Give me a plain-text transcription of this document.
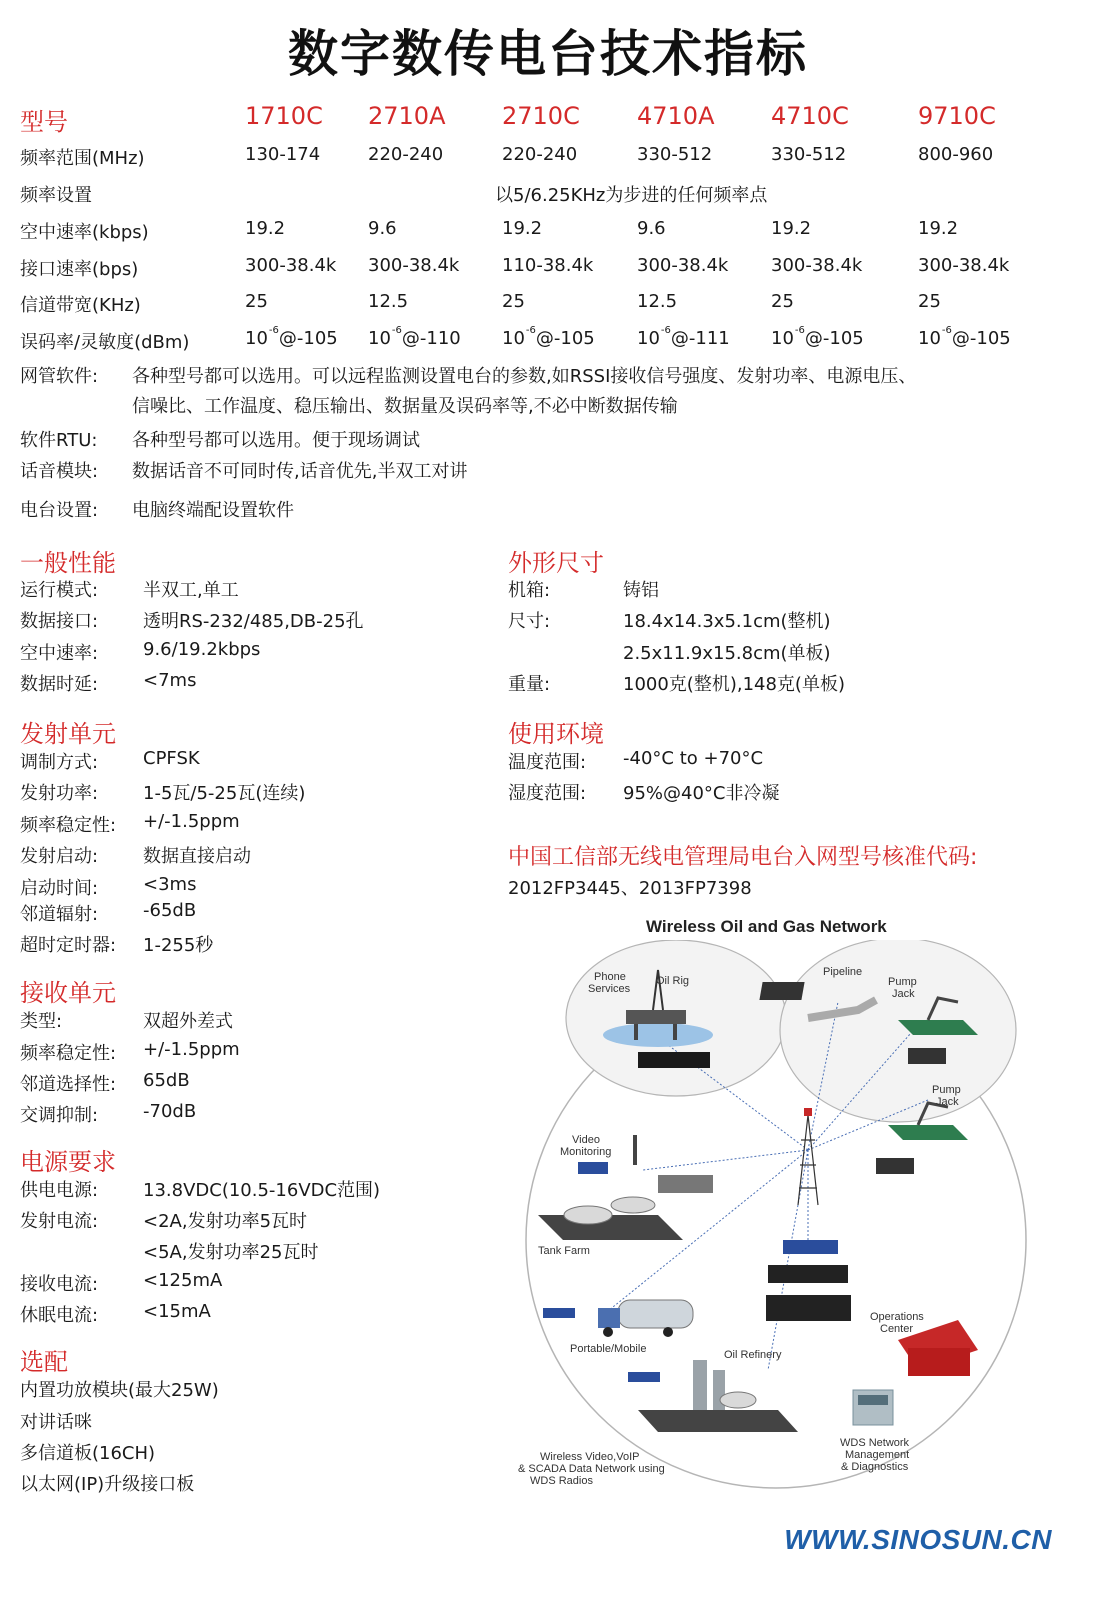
数字数传电台技术指标
型号	1710C 2710A 2710C 4710A 4710C	9710C
频率范围(MHz)	130-174	220-240	220-240	330-512	330-512	800-960
频率设置	以5/6.25KHz为步进的任何频率点
空中速率(kbps)	19.2	9.6	19.2	9.6	19.2	19.2
接口速率(bps)	300-38.4k 300-38.4k 110-38.4k 300-38.4k 300-38.4k	300-38.4k
信道带宽(KHz)	25	12.5	25	12.5	25	25
误码率/灵敏度(dBm)	$10^{-6}@-105$ $10^{-6}@-110$ $10^{-6}@-105$ $10^{-6}@-111$ $10^{-6}@-105$	$10^{-6}@-105$
网管软件: 各种型号都可以选用。可以远程监测设置电台的参数,如RSSI接收信号强度、发射功率、电源电压、
信噪比、工作温度、稳压输出、数据量及误码率等,不必中断数据传输
软件RTU: 各种型号都可以选用。便于现场调试
话音模块: 数据话音不可同时传,话音优先,半双工对讲
电台设置: 电脑终端配设置软件
一般性能
运行模式: 半双工,单工
数据接口: 透明RS-232/485,DB-25孔
空中速率: 9.6/19.2kbps
数据时延: <7ms
发射单元
调制方式: CPFSK
发射功率: 1-5瓦/5-25瓦(连续)
频率稳定性: +/-1.5ppm
发射启动: 数据直接启动
启动时间: <3ms
邻道辐射: -65dB
超时定时器: 1-255秒
接收单元
类型:	双超外差式
频率稳定性: +/-1.5ppm
邻道选择性: 65dB
交调抑制: -70dB
电源要求
供电电源: 13.8VDC(10.5-16VDC范围)
发射电流: <2A,发射功率5瓦时
<5A,发射功率25瓦时
接收电流: <125mA
休眠电流: <15mA
选配
内置功放模块(最大25W)
对讲话咪
多信道板(16CH)
以太网(IP)升级接口板
外形尺寸
机箱:	铸铝
尺寸:	18.4x14.3x5.1cm(整机)
2.5x11.9x15.8cm(单板)
重量:	1000克(整机),148克(单板)
使用环境
温度范围: -40°C to +70°C
湿度范围: 95%@40°C非冷凝
中国工信部无线电管理局电台入网型号核准代码:
2012FP3445、2013FP7398
Wireless Oil and Gas Network
Phone Services
Oil Rig
Pipeline
Pump Jack
Pump Jack
Video Monitoring
Tank Farm
Portable/Mobile	Oil Refinery
Operations Center
WDS Network Management & Diagnostics
Wireless Video,VoIP & SCADA Data Network using WDS Radios
WWW.SINOSUN.CN
